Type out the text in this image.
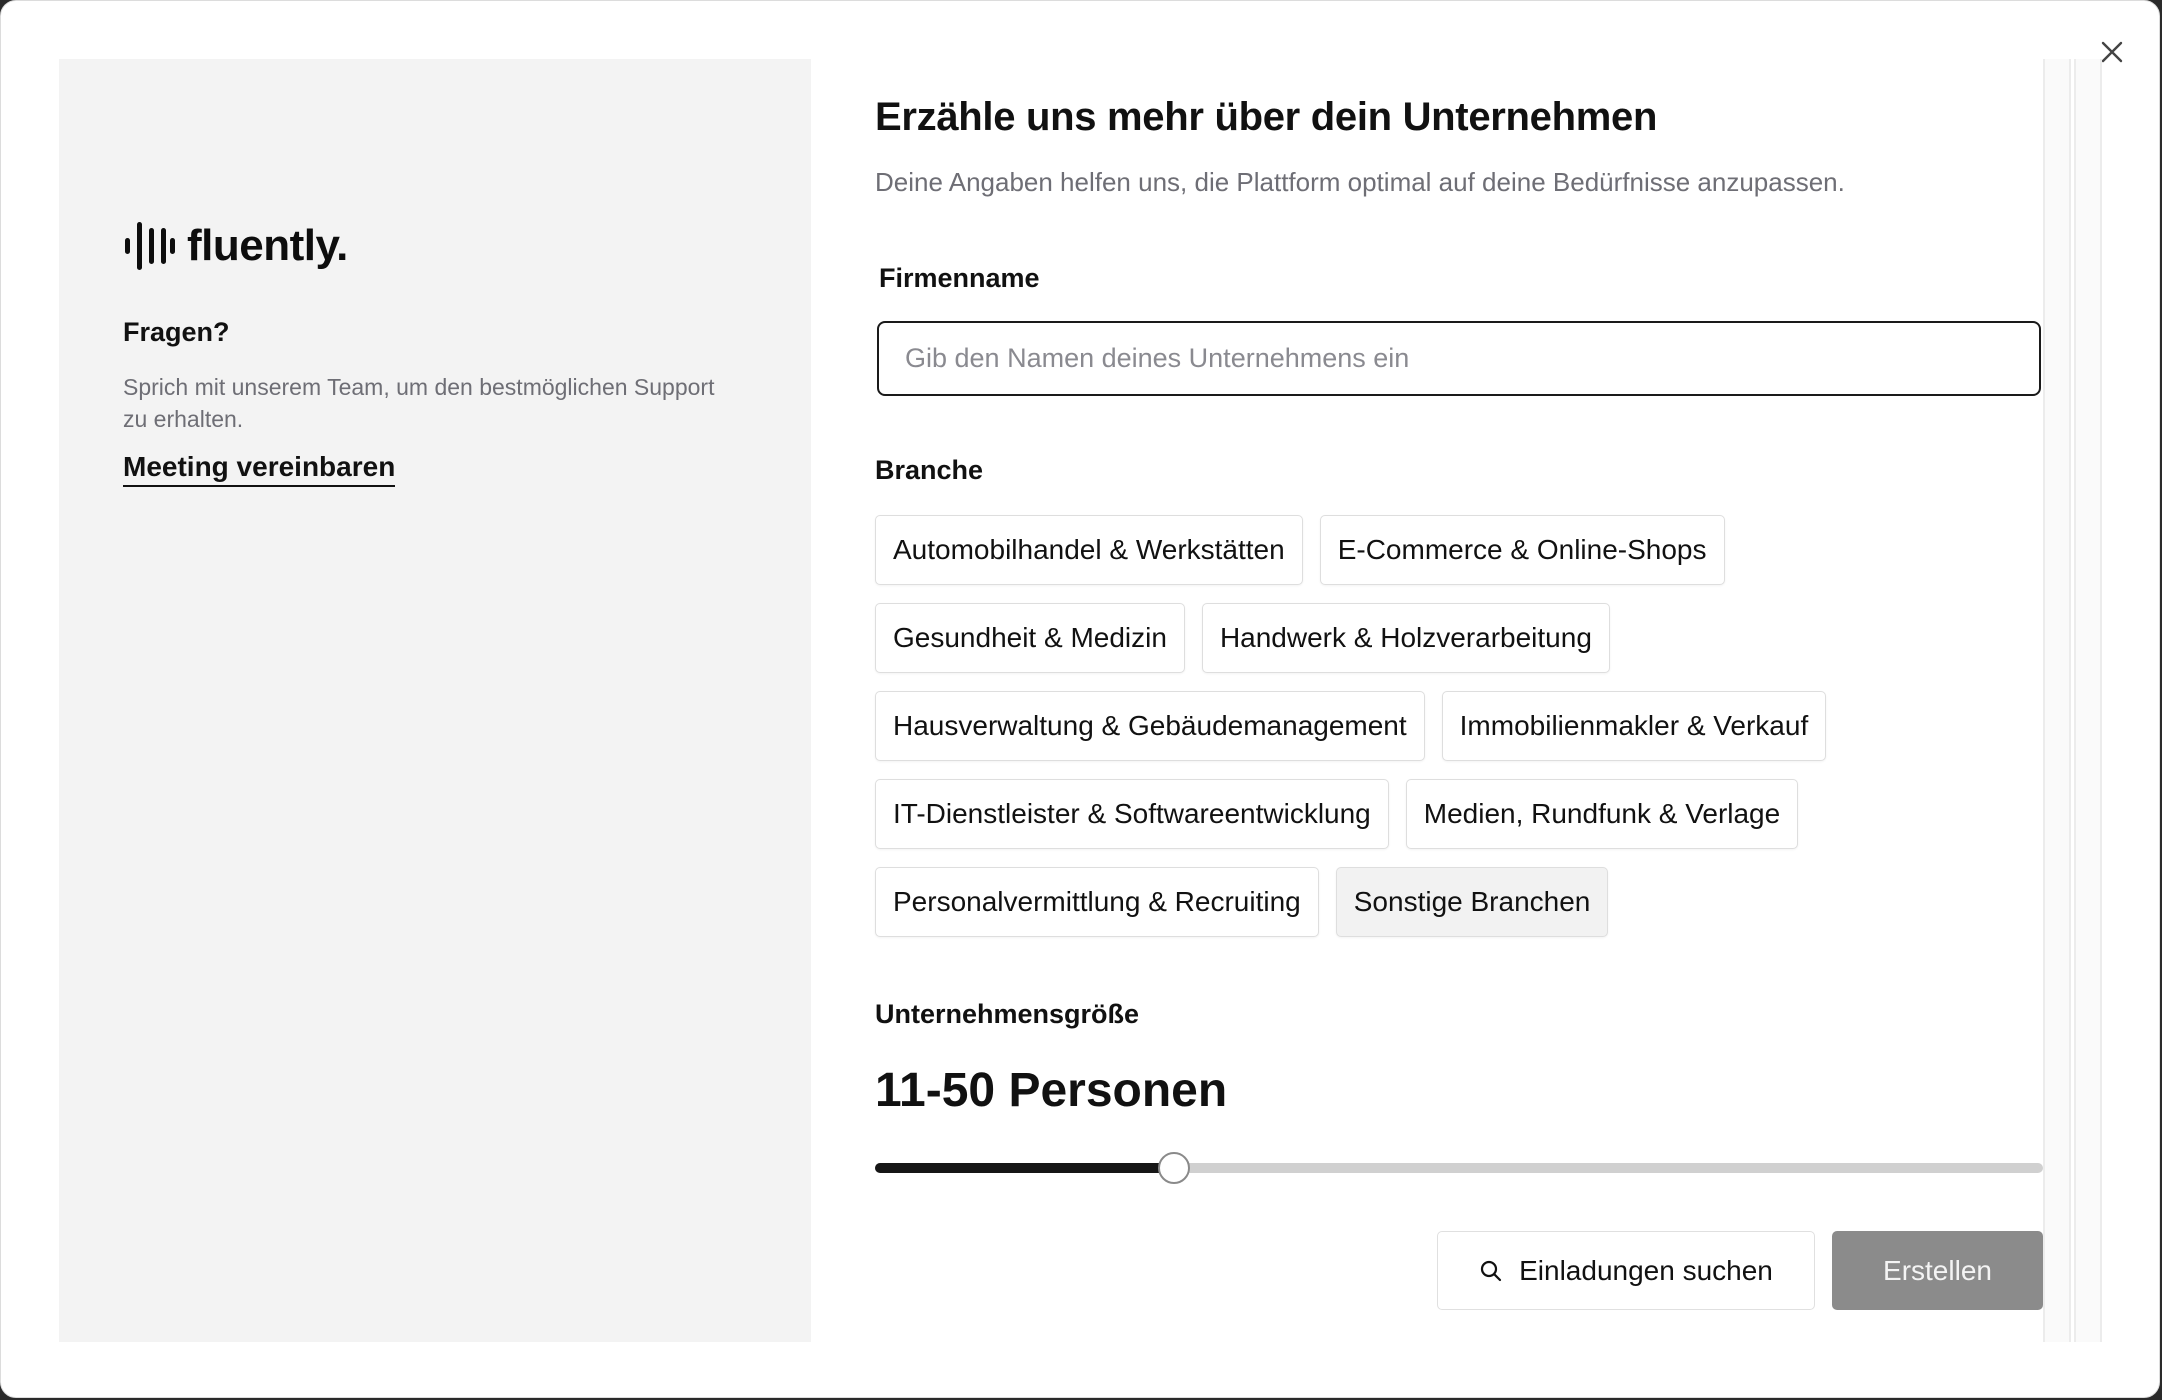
fluently.
Fragen?
Sprich mit unserem Team, um den bestmöglichen Support zu erhalten.
Meeting vereinbaren
Erzähle uns mehr über dein Unternehmen

Deine Angaben helfen uns, die Plattform optimal auf deine Bedürfnisse anzupassen.

Firmenname
Gib den Namen deines Unternehmens ein
Branche
Automobilhandel & Werkstätten	E-Commerce & Online-Shops
Gesundheit & Medizin	Handwerk & Holzverarbeitung
Hausverwaltung & Gebäudemanagement	Immobilienmakler & Verkauf
IT-Dienstleister & Softwareentwicklung	Medien, Rundfunk & Verlage
Personalvermittlung & Recruiting	Sonstige Branchen
Unternehmensgröße
11-50 Personen
Einladungen suchen	Erstellen
